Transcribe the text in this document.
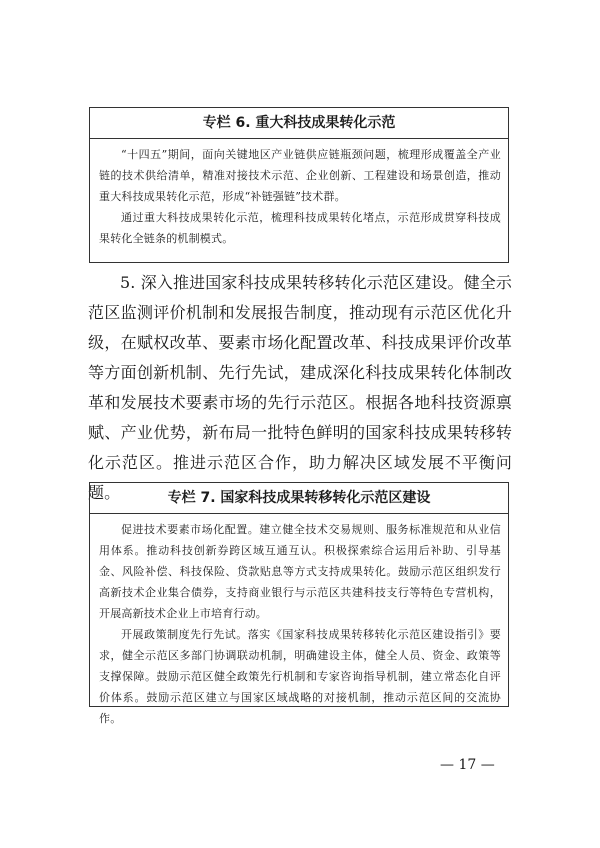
专栏 6. 重大科技成果转化示范

“十四五”期间，面向关键地区产业链供应链瓶颈问题，梳理形成覆盖全产业链的技术供给清单，精准对接技术示范、企业创新、工程建设和场景创造，推动重大科技成果转化示范，形成“补链强链”技术群。

通过重大科技成果转化示范，梳理科技成果转化堵点，示范形成贯穿科技成果转化全链条的机制模式。

5. 深入推进国家科技成果转移转化示范区建设。健全示范区监测评价机制和发展报告制度，推动现有示范区优化升级，在赋权改革、要素市场化配置改革、科技成果评价改革等方面创新机制、先行先试，建成深化科技成果转化体制改革和发展技术要素市场的先行示范区。根据各地科技资源禀赋、产业优势，新布局一批特色鲜明的国家科技成果转移转化示范区。推进示范区合作，助力解决区域发展不平衡问题。	专栏 7. 国家科技成果转移转化示范区建设

促进技术要素市场化配置。建立健全技术交易规则、服务标准规范和从业信用体系。推动科技创新券跨区域互通互认。积极探索综合运用后补助、引导基金、风险补偿、科技保险、贷款贴息等方式支持成果转化。鼓励示范区组织发行高新技术企业集合债券，支持商业银行与示范区共建科技支行等特色专营机构，开展高新技术企业上市培育行动。

开展政策制度先行先试。落实《国家科技成果转移转化示范区建设指引》要求，健全示范区多部门协调联动机制，明确建设主体，健全人员、资金、政策等支撑保障。鼓励示范区健全政策先行机制和专家咨询指导机制，建立常态化自评价体系。鼓励示范区建立与国家区域战略的对接机制，推动示范区间的交流协作。

— 17 —
